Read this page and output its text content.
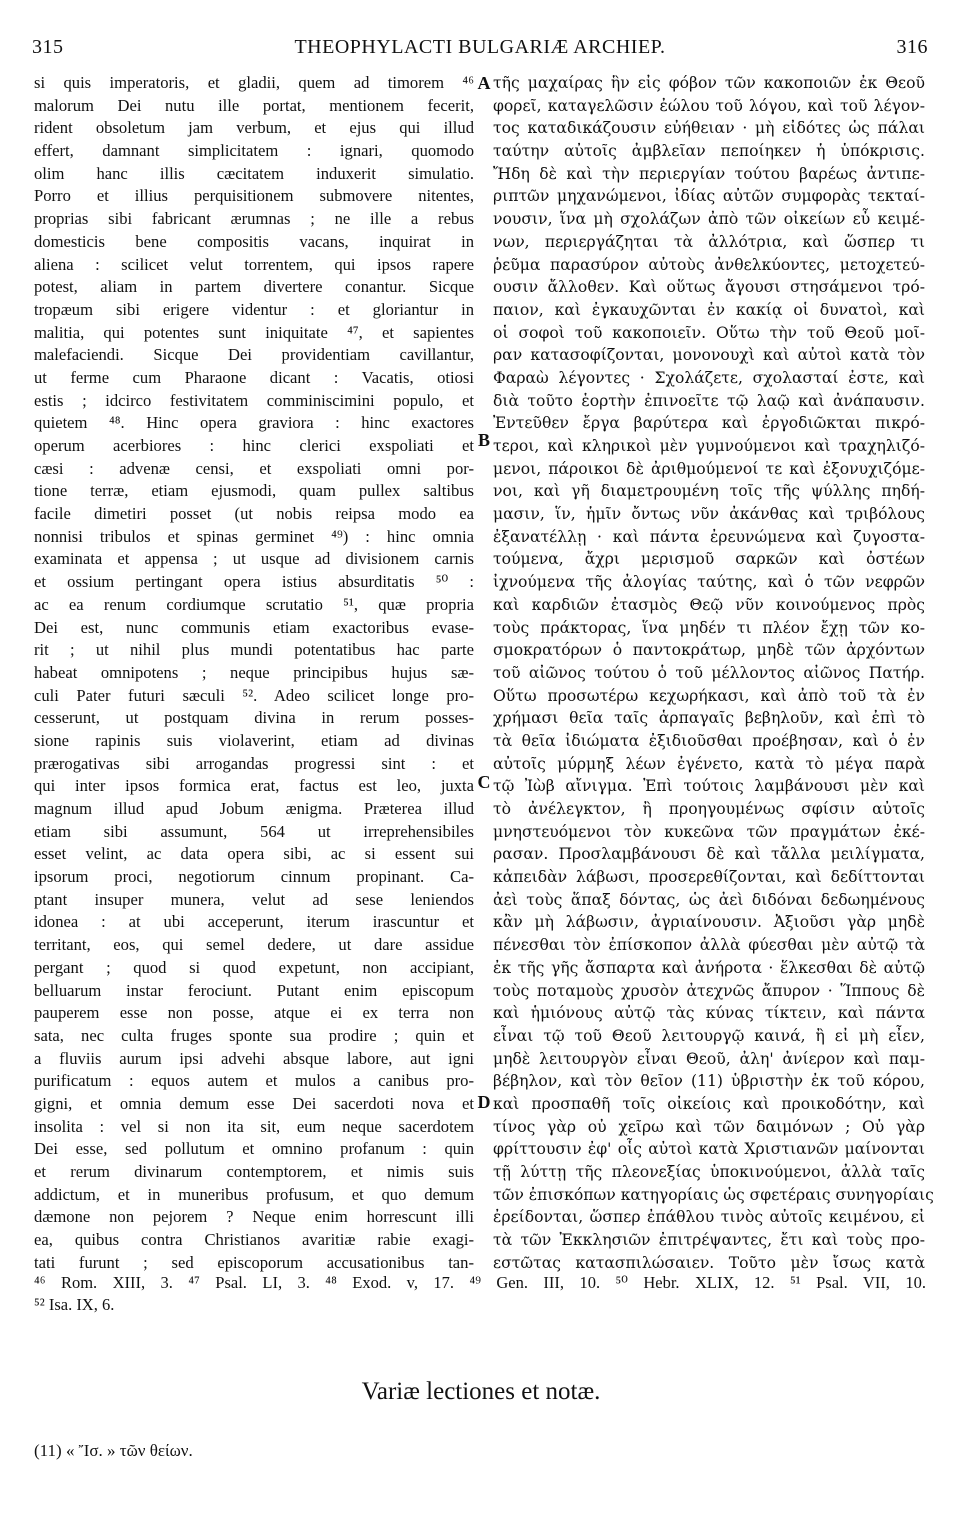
315	THEOPHYLACTI BULGARIÆ ARCHIEP.	316
si quis imperatoris, et gladii, quem ad timorem ⁴⁶
malorum Dei nutu ille portat, mentionem fecerit,
rident obsoletum jam verbum, et ejus qui illud
effert, damnant simplicitatem : ignari, quomodo
olim hanc illis cæcitatem induxerit simulatio.
Porro et illius perquisitionem submovere nitentes,
proprias sibi fabricant ærumnas ; ne ille a rebus
domesticis bene compositis vacans, inquirat in
aliena : scilicet velut torrentem, qui ipsos rapere
potest, aliam in partem divertere conantur. Sicque
tropæum sibi erigere videntur : et gloriantur in
malitia, qui potentes sunt iniquitate ⁴⁷, et sapientes
malefaciendi. Sicque Dei providentiam cavillantur,
ut ferme cum Pharaone dicant : Vacatis, otiosi
estis ; idcirco festivitatem comminiscimini populo, et
quietem ⁴⁸. Hinc opera graviora : hinc exactores
operum acerbiores : hinc clerici exspoliati et
cæsi : advenæ censi, et exspoliati omni por-
tione terræ, etiam ejusmodi, quam pullex saltibus
facile dimetiri posset (ut nobis reipsa modo ea
nonnisi tribulos et spinas germinet ⁴⁹) : hinc omnia
examinata et appensa ; ut usque ad divisionem carnis
et ossium pertingant opera istius absurditatis ⁵⁰ :
ac ea renum cordiumque scrutatio ⁵¹, quæ propria
Dei est, nunc communis etiam exactoribus evase-
rit ; ut nihil plus mundi potentatibus hac parte
habeat omnipotens ; neque principibus hujus sæ-
culi Pater futuri sæculi ⁵². Adeo scilicet longe pro-
cesserunt, ut postquam divina in rerum posses-
sione rapinis suis violaverint, etiam ad divinas
prærogativas sibi arrogandas progressi sint : et
qui inter ipsos formica erat, factus est leo, juxta
magnum illud apud Jobum ænigma. Præterea illud
etiam sibi assumunt, 564 ut irreprehensibiles
esset velint, ac data opera sibi, ac si essent sui
ipsorum proci, negotiorum cinnum propinant. Ca-
ptant insuper munera, velut ad sese leniendos
idonea : at ubi acceperunt, iterum irascuntur et
territant, eos, qui semel dedere, ut dare assidue
pergant ; quod si quod expetunt, non accipiant,
belluarum instar ferociunt. Putant enim episcopum
pauperem esse non posse, atque ei ex terra non
sata, nec culta fruges sponte sua prodire ; quin et
a fluviis aurum ipsi advehi absque labore, aut igni
purificatum : equos autem et mulos a canibus pro-
gigni, et omnia demum esse Dei sacerdoti nova et
insolita : vel si non ita sit, eum neque sacerdotem
Dei esse, sed pollutum et omnino profanum : quin
et rerum divinarum contemptorem, et nimis suis
addictum, et in muneribus profusum, et quo demum
dæmone non pejorem ? Neque enim horrescunt illi
ea, quibus contra Christianos avaritiæ rabie exagi-
tati furunt ; sed episcoporum accusationibus tan-
τῆς μαχαίρας ἣν εἰς φόβον τῶν κακοποιῶν ἐκ Θεοῦ
φορεῖ, καταγελῶσιν ἐώλου τοῦ λόγου, καὶ τοῦ λέγον-
τος καταδικάζουσιν εὐήθειαν · μὴ εἰδότες ὡς πάλαι
ταύτην αὐτοῖς ἀμβλεῖαν πεποίηκεν ἡ ὑπόκρισις.
Ἤδη δὲ καὶ τὴν περιεργίαν τούτου βαρέως ἀντιπε-
ριπτῶν μηχανώμενοι, ἰδίας αὐτῶν συμφορὰς τεκταί-
νουσιν, ἵνα μὴ σχολάζων ἀπὸ τῶν οἰκείων εὖ κειμέ-
νων, περιεργάζηται τὰ ἀλλότρια, καὶ ὥσπερ τι
ῥεῦμα παρασύρον αὐτοὺς ἀνθελκύοντες, μετοχετεύ-
ουσιν ἄλλοθεν. Καὶ οὕτως ἄγουσι στησάμενοι τρό-
παιον, καὶ ἐγκαυχῶνται ἐν κακίᾳ οἱ δυνατοὶ, καὶ
οἱ σοφοὶ τοῦ κακοποιεῖν. Οὕτω τὴν τοῦ Θεοῦ μοῖ-
ραν κατασοφίζονται, μονονουχὶ καὶ αὐτοὶ κατὰ τὸν
Φαραὼ λέγοντες · Σχολάζετε, σχολασταί ἐστε, καὶ
διὰ τοῦτο ἑορτὴν ἐπινοεῖτε τῷ λαῷ καὶ ἀνάπαυσιν.
Ἐντεῦθεν ἔργα βαρύτερα καὶ ἐργοδιῶκται πικρό-
τεροι, καὶ κληρικοὶ μὲν γυμνούμενοι καὶ τραχηλιζό-
μενοι, πάροικοι δὲ ἀριθμούμενοί τε καὶ ἐξονυχιζόμε-
νοι, καὶ γῆ διαμετρουμένη τοῖς τῆς ψύλλης πηδή-
μασιν, ἵν, ἡμῖν ὄντως νῦν ἀκάνθας καὶ τριβόλους
ἐξανατέλλῃ · καὶ πάντα ἐρευνώμενα καὶ ζυγοστα-
τούμενα, ἄχρι μερισμοῦ σαρκῶν καὶ ὀστέων
ἰχνούμενα τῆς ἀλογίας ταύτης, καὶ ὁ τῶν νεφρῶν
καὶ καρδιῶν ἐτασμὸς Θεῷ νῦν κοινούμενος πρὸς
τοὺς πράκτορας, ἵνα μηδέν τι πλέον ἔχῃ τῶν κο-
σμοκρατόρων ὁ παντοκράτωρ, μηδὲ τῶν ἀρχόντων
τοῦ αἰῶνος τούτου ὁ τοῦ μέλλοντος αἰῶνος Πατήρ.
Οὕτω προσωτέρω κεχωρήκασι, καὶ ἀπὸ τοῦ τὰ ἐν
χρήμασι θεῖα ταῖς ἁρπαγαῖς βεβηλοῦν, καὶ ἐπὶ τὸ
τὰ θεῖα ἰδιώματα ἐξιδιοῦσθαι προέβησαν, καὶ ὁ ἐν
αὐτοῖς μύρμηξ λέων ἐγένετο, κατὰ τὸ μέγα παρὰ
τῷ Ἰὼβ αἴνιγμα. Ἐπὶ τούτοις λαμβάνουσι μὲν καὶ
τὸ ἀνέλεγκτον, ἢ προηγουμένως σφίσιν αὐτοῖς
μνηστευόμενοι τὸν κυκεῶνα τῶν πραγμάτων ἐκέ-
ρασαν. Προσλαμβάνουσι δὲ καὶ τἄλλα μειλίγματα,
κἀπειδὰν λάβωσι, προσερεθίζονται, καὶ δεδίττονται
ἀεὶ τοὺς ἅπαξ δόντας, ὡς ἀεὶ διδόναι δεδωημένους
κἂν μὴ λάβωσιν, ἀγριαίνουσιν. Ἀξιοῦσι γὰρ μηδὲ
πένεσθαι τὸν ἐπίσκοπον ἀλλὰ φύεσθαι μὲν αὐτῷ τὰ
ἐκ τῆς γῆς ἄσπαρτα καὶ ἀνήροτα · ἕλκεσθαι δὲ αὐτῷ
τοὺς ποταμοὺς χρυσὸν ἀτεχνῶς ἄπυρον · Ἵππους δὲ
καὶ ἡμιόνους αὐτῷ τὰς κύνας τίκτειν, καὶ πάντα
εἶναι τῷ τοῦ Θεοῦ λειτουργῷ καινά, ἢ εἰ μὴ εἶεν,
μηδὲ λειτουργὸν εἶναι Θεοῦ, ἀλη' ἀνίερον καὶ παμ-
βέβηλον, καὶ τὸν θεῖον (11) ὑβριστὴν ἐκ τοῦ κόρου,
καὶ προσπαθῆ τοῖς οἰκείοις καὶ προικοδότην, καὶ
τίνος γὰρ οὐ χεῖρω καὶ τῶν δαιμόνων ; Οὐ γὰρ
φρίττουσιν ἐφ' οἷς αὐτοὶ κατὰ Χριστιανῶν μαίνονται
τῇ λύττῃ τῆς πλεονεξίας ὑποκινούμενοι, ἀλλὰ ταῖς
τῶν ἐπισκόπων κατηγορίαις ὡς σφετέραις συνηγορίαις
ἐρείδονται, ὥσπερ ἐπάθλου τινὸς αὐτοῖς κειμένου, εἰ
τὰ τῶν Ἐκκλησιῶν ἐπιτρέψαντες, ἔτι καὶ τοὺς προ-
εστῶτας κατασπιλώσαιεν. Τοῦτο μὲν ἴσως κατὰ
A
B
C
D
⁴⁶ Rom. XIII, 3. ⁴⁷ Psal. LI, 3. ⁴⁸ Exod. v, 17. ⁴⁹ Gen. III, 10. ⁵⁰ Hebr. XLIX, 12. ⁵¹ Psal. VII, 10.
⁵² Isa. IX, 6.
Variæ lectiones et notæ.
(11) « Ἴσ. » τῶν θείων.
